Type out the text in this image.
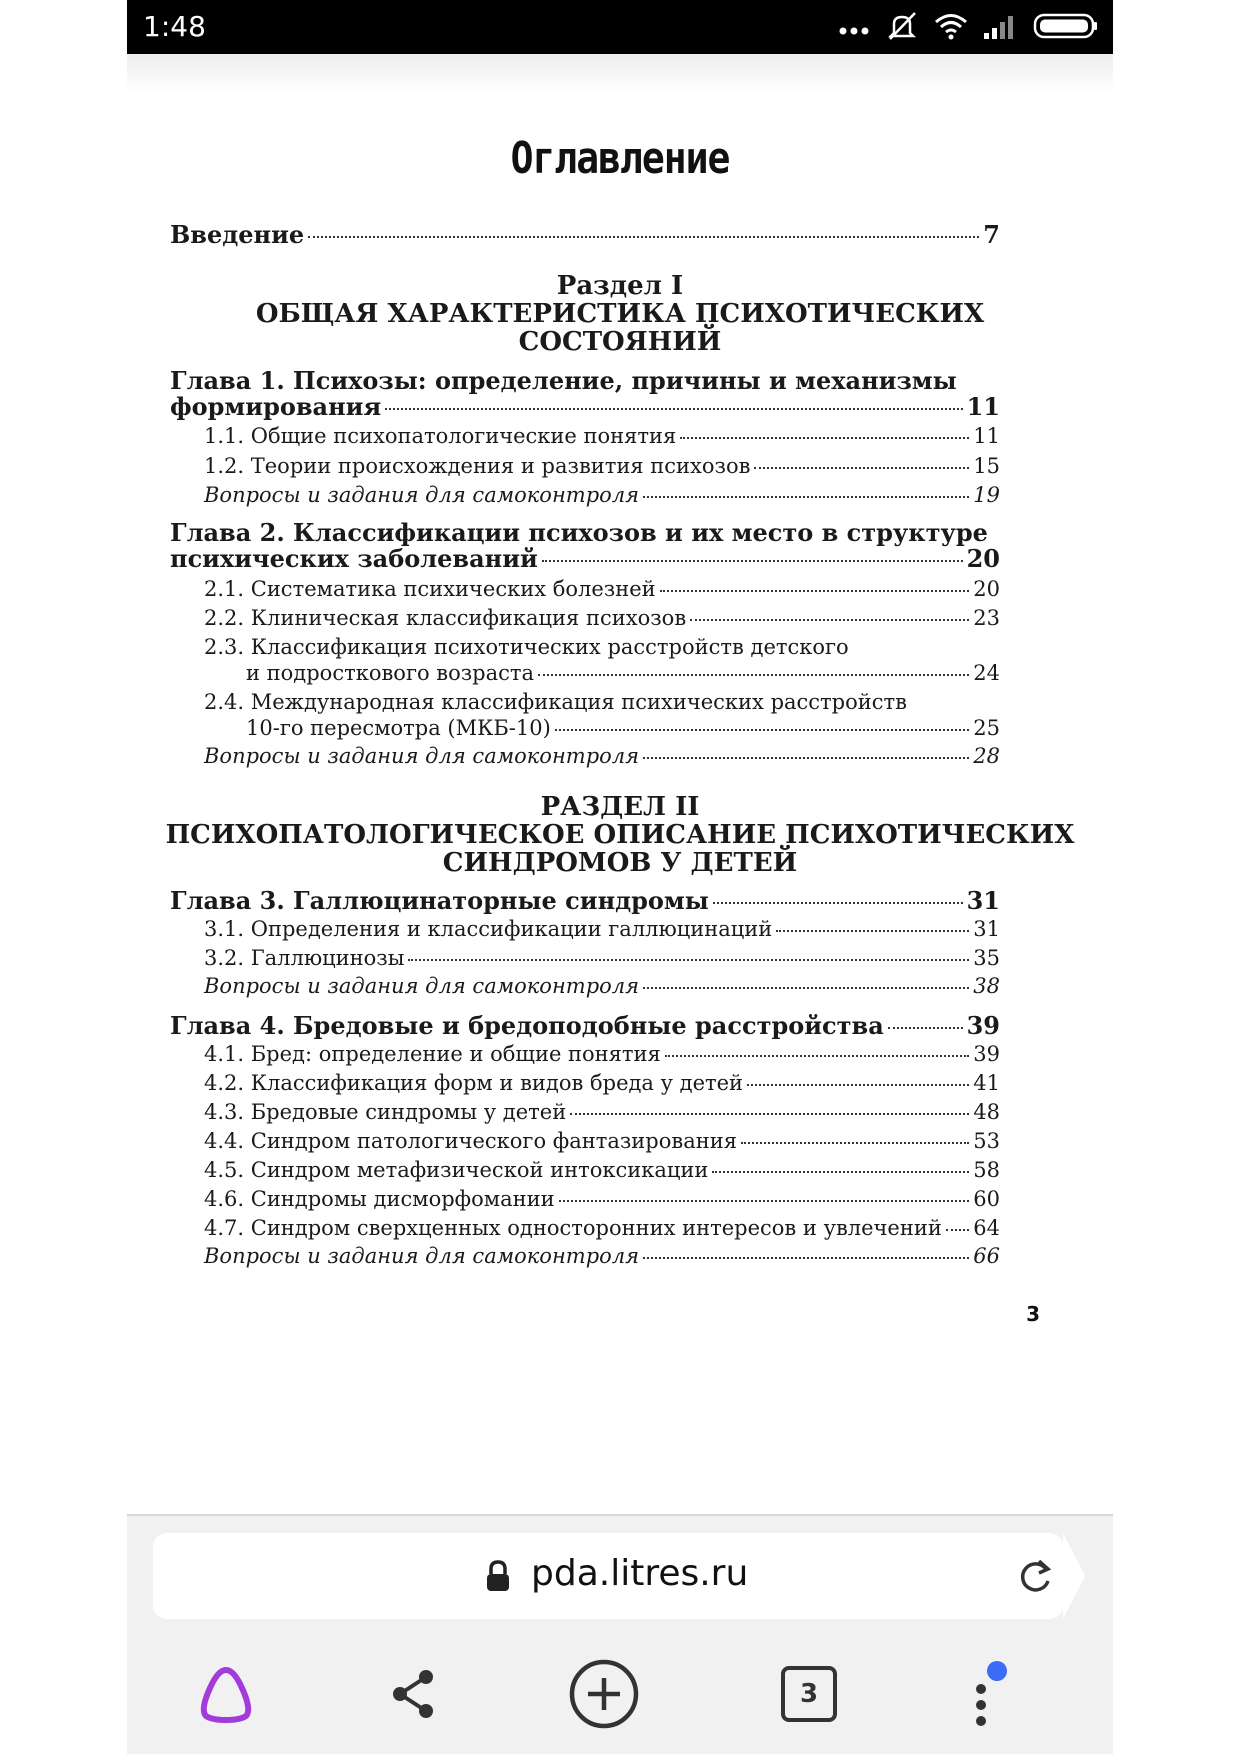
1:48
Оглавление
Введение	7
Раздел I
ОБЩАЯ ХАРАКТЕРИСТИКА ПСИХОТИЧЕСКИХ
СОСТОЯНИЙ
Глава 1. Психозы: определение, причины и механизмы
формирования	11
1.1. Общие психопатологические понятия	11
1.2. Теории происхождения и развития психозов	15
Вопросы и задания для самоконтроля	19
Глава 2. Классификации психозов и их место в структуре
психических заболеваний	20
2.1. Систематика психических болезней	20
2.2. Клиническая классификация психозов	23
2.3. Классификация психотических расстройств детского
и подросткового возраста	24
2.4. Международная классификация психических расстройств
10-го пересмотра (МКБ-10)	25
Вопросы и задания для самоконтроля	28
РАЗДЕЛ II
ПСИХОПАТОЛОГИЧЕСКОЕ ОПИСАНИЕ ПСИХОТИЧЕСКИХ
СИНДРОМОВ У ДЕТЕЙ
Глава 3. Галлюцинаторные синдромы	31
3.1. Определения и классификации галлюцинаций	31
3.2. Галлюцинозы	35
Вопросы и задания для самоконтроля	38
Глава 4. Бредовые и бредоподобные расстройства	39
4.1. Бред: определение и общие понятия	39
4.2. Классификация форм и видов бреда у детей	41
4.3. Бредовые синдромы у детей	48
4.4. Синдром патологического фантазирования	53
4.5. Синдром метафизической интоксикации	58
4.6. Синдромы дисморфомании	60
4.7. Синдром сверхценных односторонних интересов и увлечений 64
Вопросы и задания для самоконтроля	66
3
pda.litres.ru
3
